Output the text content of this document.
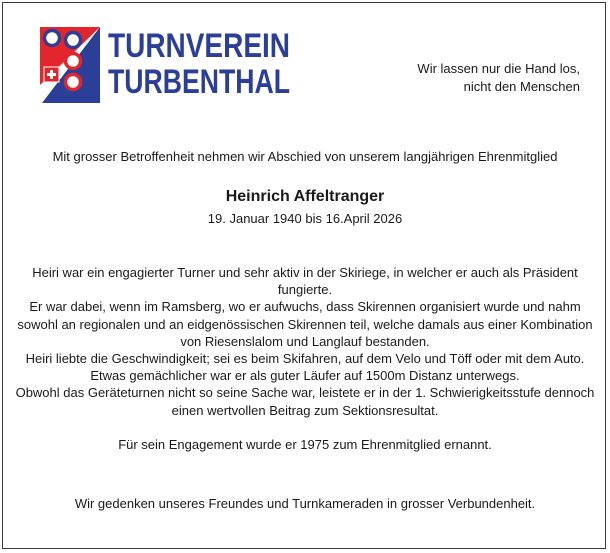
TURNVEREIN
TURBENTHAL	Wir lassen nur die Hand los,
nicht den Menschen
Mit grosser Betroffenheit nehmen wir Abschied von unserem langjährigen Ehrenmitglied
Heinrich Affeltranger
19. Januar 1940 bis 16.April 2026

Heiri war ein engagierter Turner und sehr aktiv in der Skiriege, in welcher er auch als Präsident fungierte.

Er war dabei, wenn im Ramsberg, wo er aufwuchs, dass Skirennen organisiert wurde und nahm sowohl an regionalen und an eidgenössischen Skirennen teil, welche damals aus einer Kombination von Riesenslalom und Langlauf bestanden.

Heiri liebte die Geschwindigkeit; sei es beim Skifahren, auf dem Velo und Töff oder mit dem Auto.

Etwas gemächlicher war er als guter Läufer auf 1500m Distanz unterwegs.

Obwohl das Geräteturnen nicht so seine Sache war, leistete er in der 1. Schwierigkeitsstufe dennoch einen wertvollen Beitrag zum Sektionsresultat.

Für sein Engagement wurde er 1975 zum Ehrenmitglied ernannt.

Wir gedenken unseres Freundes und Turnkameraden in grosser Verbundenheit.
